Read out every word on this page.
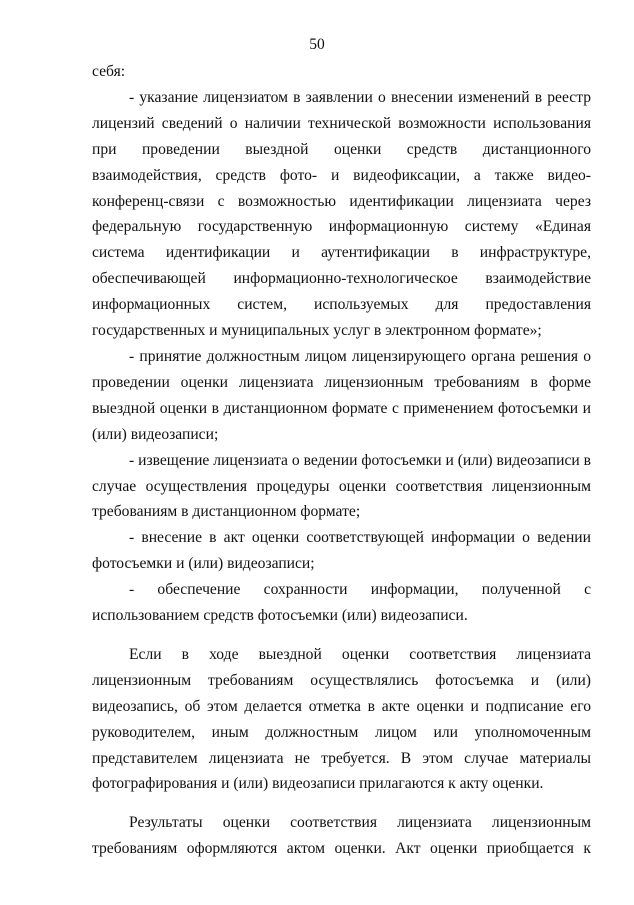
50

себя:

- указание лицензиатом в заявлении о внесении изменений в реестр лицензий сведений о наличии технической возможности использования при проведении выездной оценки средств дистанционного взаимодействия, средств фото- и видеофиксации, а также видео-конференц-связи с возможностью идентификации лицензиата через федеральную государственную информационную систему «Единая система идентификации и аутентификации в инфраструктуре, обеспечивающей информационно-технологическое взаимодействие информационных систем, используемых для предоставления государственных и муниципальных услуг в электронном формате»;

- принятие должностным лицом лицензирующего органа решения о проведении оценки лицензиата лицензионным требованиям в форме выездной оценки в дистанционном формате с применением фотосъемки и (или) видеозаписи;

- извещение лицензиата о ведении фотосъемки и (или) видеозаписи в случае осуществления процедуры оценки соответствия лицензионным требованиям в дистанционном формате;

- внесение в акт оценки соответствующей информации о ведении фотосъемки и (или) видеозаписи;

- обеспечение сохранности информации, полученной с использованием средств фотосъемки (или) видеозаписи.

Если в ходе выездной оценки соответствия лицензиата лицензионным требованиям осуществлялись фотосъемка и (или) видеозапись, об этом делается отметка в акте оценки и подписание его руководителем, иным должностным лицом или уполномоченным представителем лицензиата не требуется. В этом случае материалы фотографирования и (или) видеозаписи прилагаются к акту оценки.

Результаты оценки соответствия лицензиата лицензионным требованиям оформляются актом оценки. Акт оценки приобщается к
